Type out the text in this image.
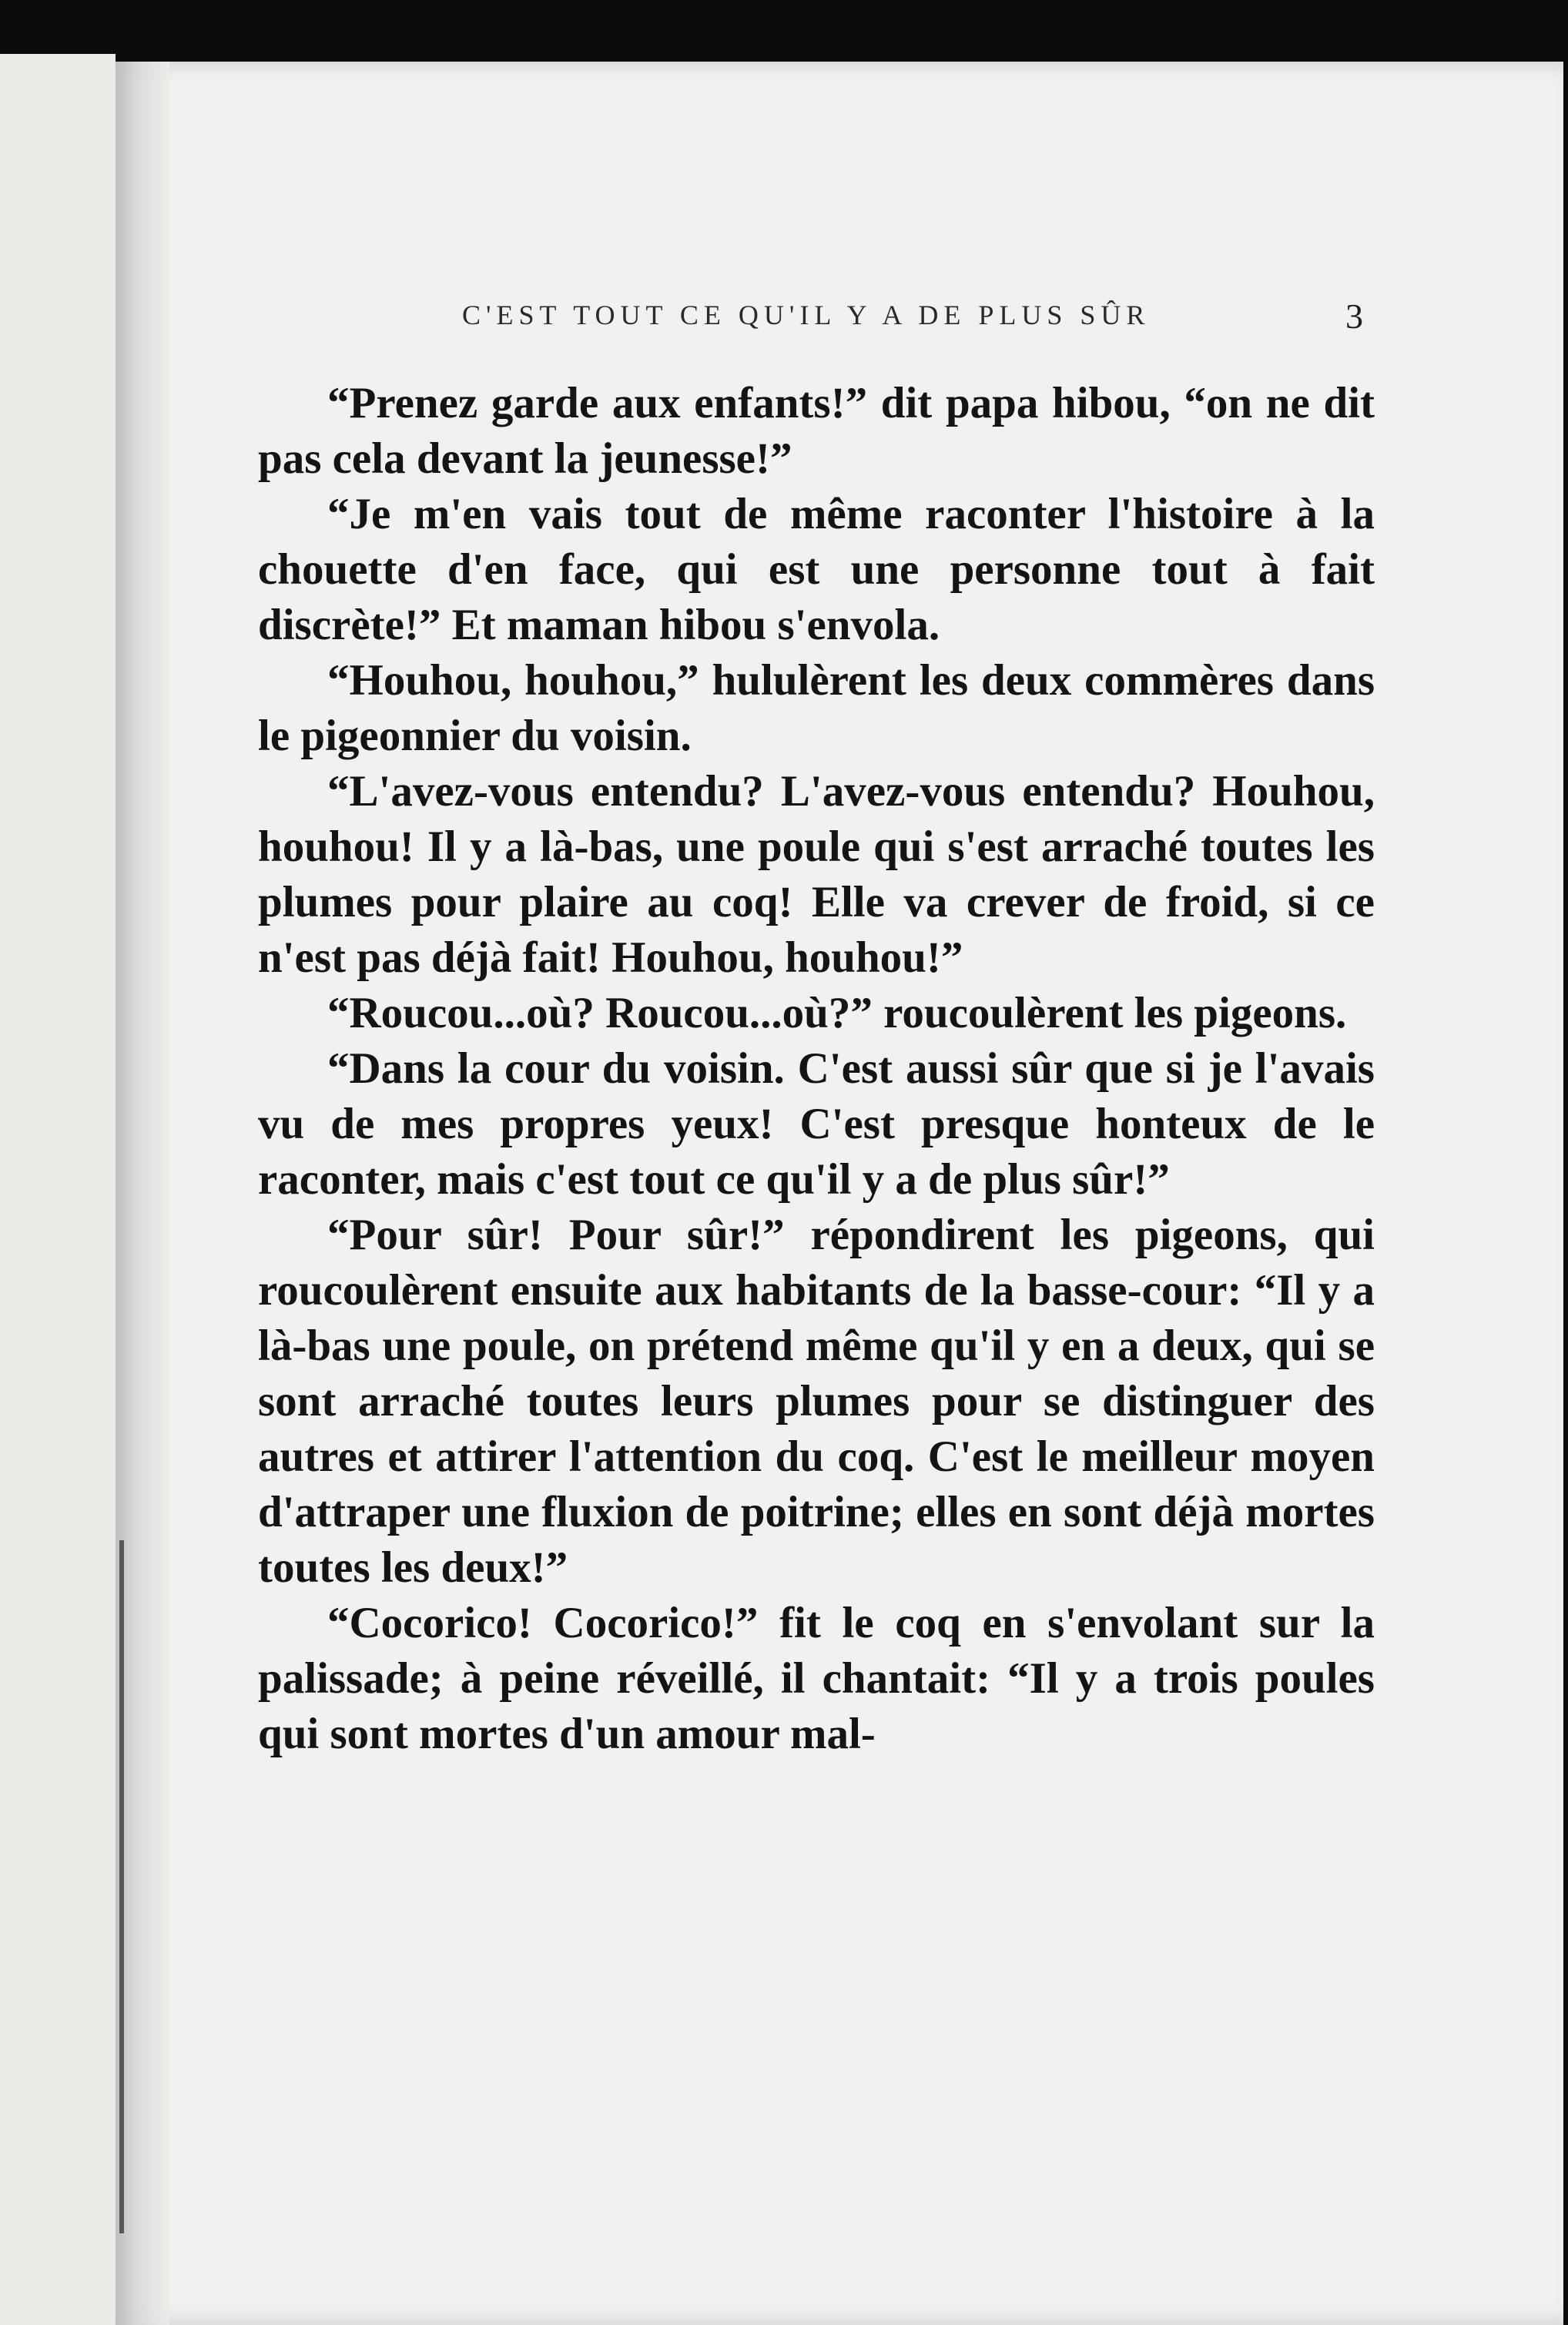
C'EST TOUT CE QU'IL Y A DE PLUS SÛR	3

“Prenez garde aux enfants!” dit papa hibou, “on ne dit pas cela devant la jeunesse!”

“Je m'en vais tout de même raconter l'histoire à la chouette d'en face, qui est une personne tout à fait discrète!” Et maman hibou s'envola.

“Houhou, houhou,” hululèrent les deux commères dans le pigeonnier du voisin.

“L'avez-vous entendu? L'avez-vous entendu? Houhou, houhou! Il y a là-bas, une poule qui s'est arraché toutes les plumes pour plaire au coq! Elle va crever de froid, si ce n'est pas déjà fait! Houhou, houhou!”

“Roucou...où? Roucou...où?” roucoulèrent les pigeons.

“Dans la cour du voisin. C'est aussi sûr que si je l'avais vu de mes propres yeux! C'est presque honteux de le raconter, mais c'est tout ce qu'il y a de plus sûr!”

“Pour sûr! Pour sûr!” répondirent les pigeons, qui roucoulèrent ensuite aux habitants de la basse-cour: “Il y a là-bas une poule, on prétend même qu'il y en a deux, qui se sont arraché toutes leurs plumes pour se distinguer des autres et attirer l'attention du coq. C'est le meilleur moyen d'attraper une fluxion de poitrine; elles en sont déjà mortes toutes les deux!”

“Cocorico! Cocorico!” fit le coq en s'envolant sur la palissade; à peine réveillé, il chantait: “Il y a trois poules qui sont mortes d'un amour mal-
